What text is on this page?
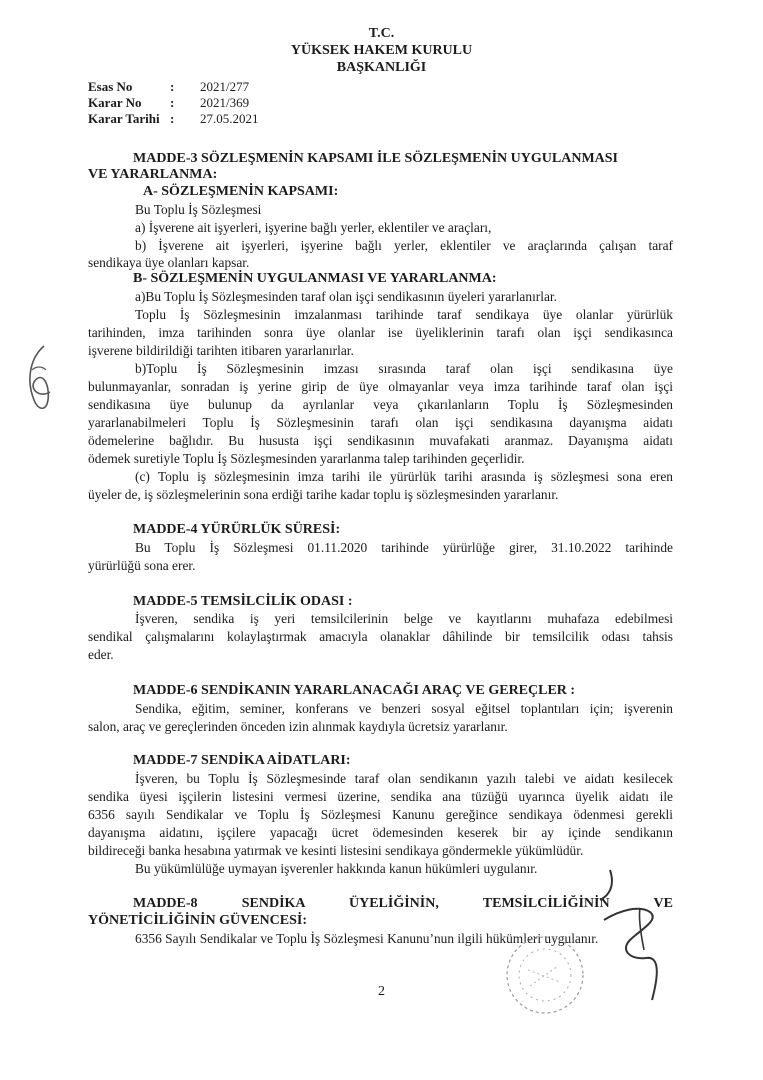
T.C.
YÜKSEK HAKEM KURULU
BAŞKANLIĞI
Esas No	: 2021/277
Karar No : 2021/369
Karar Tarihi : 27.05.2021
MADDE-3 SÖZLEŞMENİN KAPSAMI İLE SÖZLEŞMENİN UYGULANMASI
VE YARARLANMA:
A- SÖZLEŞMENİN KAPSAMI:
Bu Toplu İş Sözleşmesi
a) İşverene ait işyerleri, işyerine bağlı yerler, eklentiler ve araçları,
b) İşverene ait işyerleri, işyerine bağlı yerler, eklentiler ve araçlarında çalışan taraf
sendikaya üye olanları kapsar.
B- SÖZLEŞMENİN UYGULANMASI VE YARARLANMA:
a)Bu Toplu İş Sözleşmesinden taraf olan işçi sendikasının üyeleri yararlanırlar.
Toplu İş Sözleşmesinin imzalanması tarihinde taraf sendikaya üye olanlar yürürlük
tarihinden, imza tarihinden sonra üye olanlar ise üyeliklerinin tarafı olan işçi sendikasınca
işverene bildirildiği tarihten itibaren yararlanırlar.
b)Toplu İş Sözleşmesinin imzası sırasında taraf olan işçi sendikasına üye
bulunmayanlar, sonradan iş yerine girip de üye olmayanlar veya imza tarihinde taraf olan işçi
sendikasına üye bulunup da ayrılanlar veya çıkarılanların Toplu İş Sözleşmesinden
yararlanabilmeleri Toplu İş Sözleşmesinin tarafı olan işçi sendikasına dayanışma aidatı
ödemelerine bağlıdır. Bu hususta işçi sendikasının muvafakati aranmaz. Dayanışma aidatı
ödemek suretiyle Toplu İş Sözleşmesinden yararlanma talep tarihinden geçerlidir.
(c) Toplu iş sözleşmesinin imza tarihi ile yürürlük tarihi arasında iş sözleşmesi sona eren
üyeler de, iş sözleşmelerinin sona erdiği tarihe kadar toplu iş sözleşmesinden yararlanır.
MADDE-4 YÜRÜRLÜK SÜRESİ:
Bu Toplu İş Sözleşmesi 01.11.2020 tarihinde yürürlüğe girer, 31.10.2022 tarihinde
yürürlüğü sona erer.
MADDE-5 TEMSİLCİLİK ODASI :
İşveren, sendika iş yeri temsilcilerinin belge ve kayıtlarını muhafaza edebilmesi
sendikal çalışmalarını kolaylaştırmak amacıyla olanaklar dâhilinde bir temsilcilik odası tahsis
eder.
MADDE-6 SENDİKANIN YARARLANACAĞI ARAÇ VE GEREÇLER :
Sendika, eğitim, seminer, konferans ve benzeri sosyal eğitsel toplantıları için; işverenin
salon, araç ve gereçlerinden önceden izin alınmak kaydıyla ücretsiz yararlanır.
MADDE-7 SENDİKA AİDATLARI:
İşveren, bu Toplu İş Sözleşmesinde taraf olan sendikanın yazılı talebi ve aidatı kesilecek
sendika üyesi işçilerin listesini vermesi üzerine, sendika ana tüzüğü uyarınca üyelik aidatı ile
6356 sayılı Sendikalar ve Toplu İş Sözleşmesi Kanunu gereğince sendikaya ödenmesi gerekli
dayanışma aidatını, işçilere yapacağı ücret ödemesinden keserek bir ay içinde sendikanın
bildireceği banka hesabına yatırmak ve kesinti listesini sendikaya göndermekle yükümlüdür.
Bu yükümlülüğe uymayan işverenler hakkında kanun hükümleri uygulanır.
MADDE-8 SENDİKA ÜYELİĞİNİN, TEMSİLCİLİĞİNİN VE
YÖNETİCİLİĞİNİN GÜVENCESİ:
6356 Sayılı Sendikalar ve Toplu İş Sözleşmesi Kanunu’nun ilgili hükümleri uygulanır.
2
